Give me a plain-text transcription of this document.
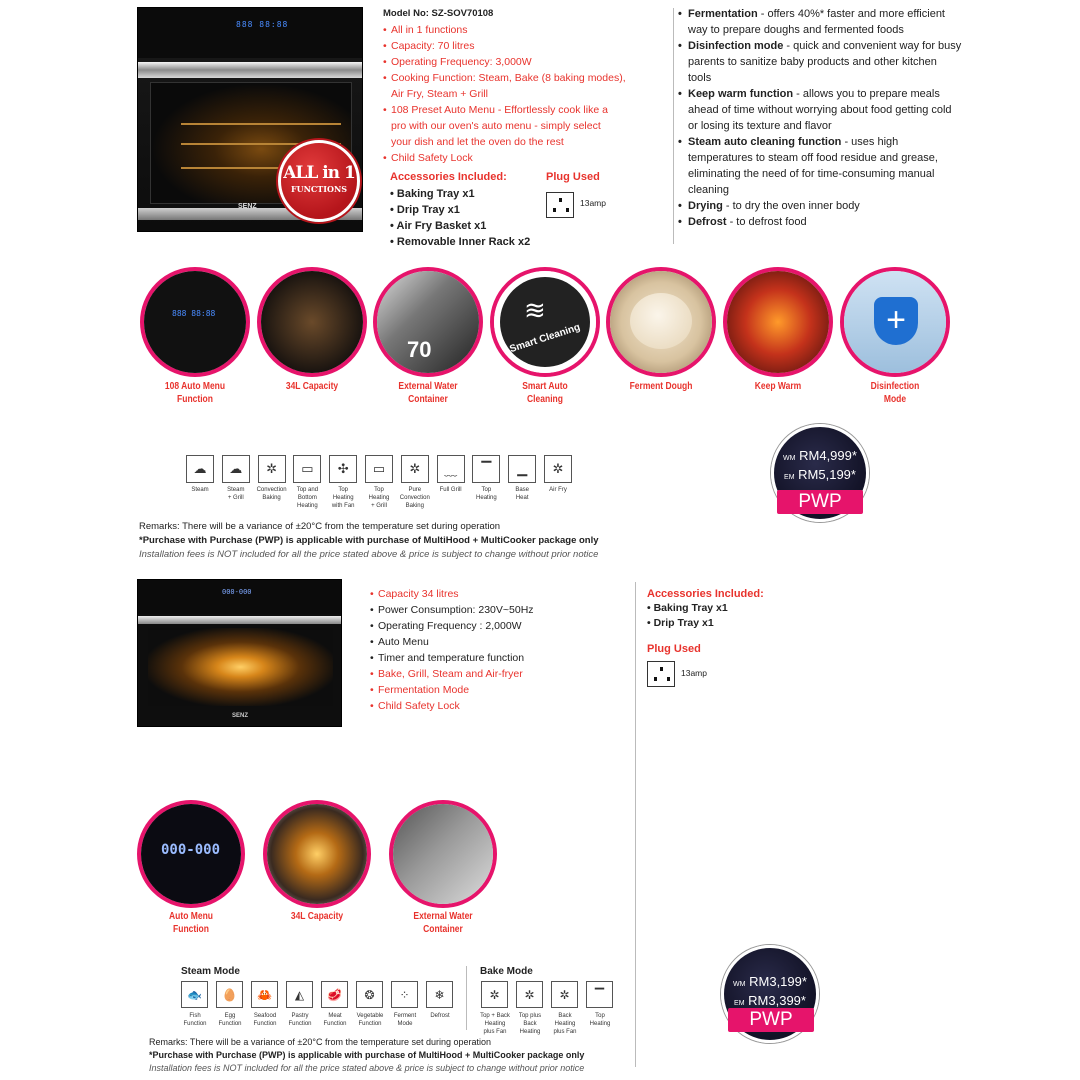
888 88:88
SENZ
ALL in 1
FUNCTIONS
Model No: SZ-SOV70108
• All in 1 functions
• Capacity: 70 litres
• Operating Frequency: 3,000W
• Cooking Function: Steam, Bake (8 baking modes),
Air Fry, Steam + Grill
• 108 Preset Auto Menu - Effortlessly cook like a
pro with our oven's auto menu - simply select
your dish and let the oven do the rest
• Child Safety Lock
Accessories Included:
• Baking Tray x1
• Drip Tray x1
• Air Fry Basket x1
• Removable Inner Rack x2
Plug Used
13amp
• Fermentation - offers 40%* faster and more efficient way to prepare doughs and fermented foods
• Disinfection mode - quick and convenient way for busy parents to sanitize baby products and other kitchen tools
• Keep warm function - allows you to prepare meals ahead of time without worrying about food getting cold or losing its texture and flavor
• Steam auto cleaning function - uses high temperatures to steam off food residue and grease, eliminating the need of for time-consuming manual cleaning
• Drying - to dry the oven inner body
• Defrost - to defrost food
888 88:88
108 Auto Menu
Function
34L Capacity
70
External Water
Container
Smart Cleaning
≋
Smart Auto
Cleaning
Ferment Dough	Keep Warm
+
Disinfection
Mode
☁
Steam
☁
Steam
+ Grill
✲
Convection
Baking
▭
Top and
Bottom
Heating
✣
Top
Heating
with Fan
▭
Top
Heating
+ Grill
✲
Pure
Convection
Baking
﹏
Full Grill
▔
Top
Heating
▁
Base
Heat
✲
Air Fry
WM RM4,999*
EM RM5,199*
PWP
Remarks: There will be a variance of ±20°C from the temperature set during operation
*Purchase with Purchase (PWP) is applicable with purchase of MultiHood + MultiCooker package only
Installation fees is NOT included for all the price stated above & price is subject to change without prior notice
000-000
SENZ
• Capacity 34 litres
• Power Consumption: 230V~50Hz
• Operating Frequency : 2,000W
• Auto Menu
• Timer and temperature function
• Bake, Grill, Steam and Air-fryer
• Fermentation Mode
• Child Safety Lock
Accessories Included:
• Baking Tray x1
• Drip Tray x1
Plug Used
13amp
000-000
Auto Menu
Function
34L Capacity	External Water
Container
Steam Mode	Bake Mode
🐟
Fish
Function
🥚
Egg
Function
🦀
Seafood
Function
◭
Pastry
Function
🥩
Meat
Function
❂
Vegetable
Function
⁘
Ferment
Mode
❄
Defrost
✲
Top + Back
Heating
plus Fan
✲
Top plus
Back
Heating
✲
Back
Heating
plus Fan
▔
Top
Heating
WM RM3,199*
EM RM3,399*
PWP
Remarks: There will be a variance of ±20°C from the temperature set during operation
*Purchase with Purchase (PWP) is applicable with purchase of MultiHood + MultiCooker package only
Installation fees is NOT included for all the price stated above & price is subject to change without prior notice
